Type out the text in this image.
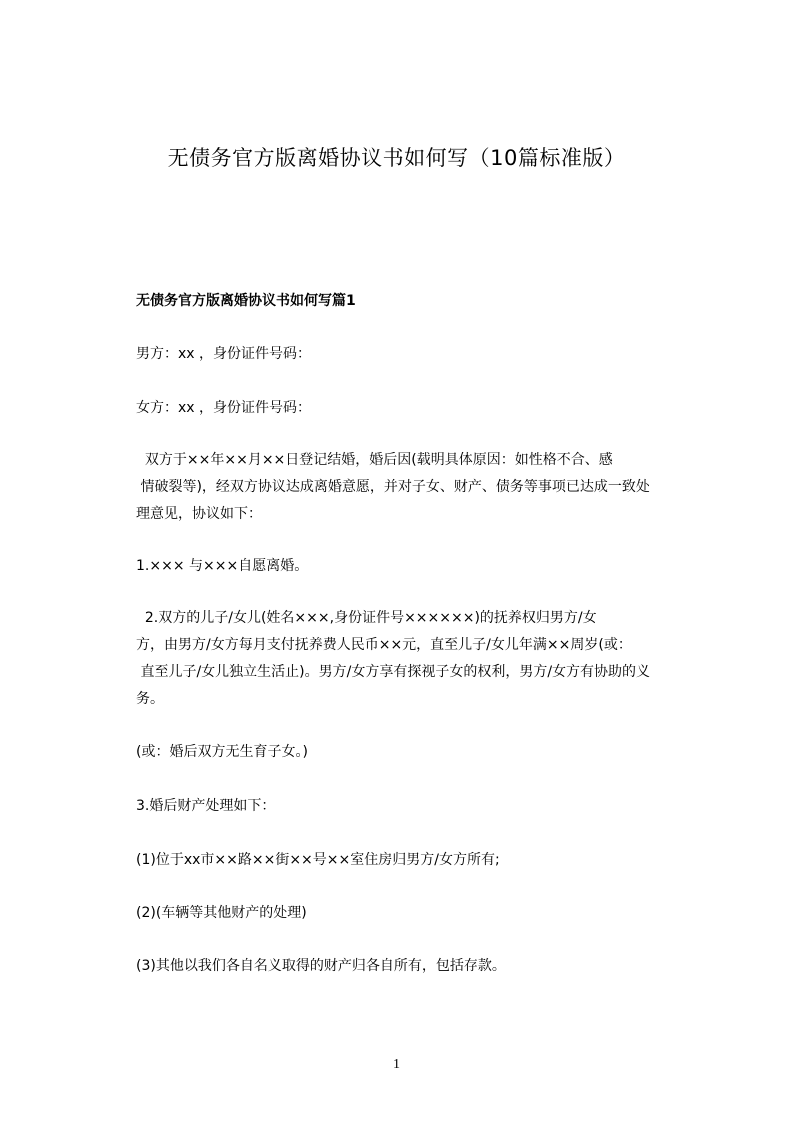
无债务官方版离婚协议书如何写（10篇标准版）
无债务官方版离婚协议书如何写篇1
男方：xx ，身份证件号码：
女方：xx ，身份证件号码：
双方于××年××月××日登记结婚，婚后因(载明具体原因：如性格不合、感
情破裂等)，经双方协议达成离婚意愿，并对子女、财产、债务等事项已达成一致处
理意见，协议如下：
1.××× 与×××自愿离婚。
2.双方的儿子/女儿(姓名×××,身份证件号××××××)的抚养权归男方/女
方，由男方/女方每月支付抚养费人民币××元，直至儿子/女儿年满××周岁(或：
直至儿子/女儿独立生活止)。男方/女方享有探视子女的权利，男方/女方有协助的义
务。
(或：婚后双方无生育子女。)
3.婚后财产处理如下：
(1)位于xx市××路××街××号××室住房归男方/女方所有;
(2)(车辆等其他财产的处理)
(3)其他以我们各自名义取得的财产归各自所有，包括存款。
1
